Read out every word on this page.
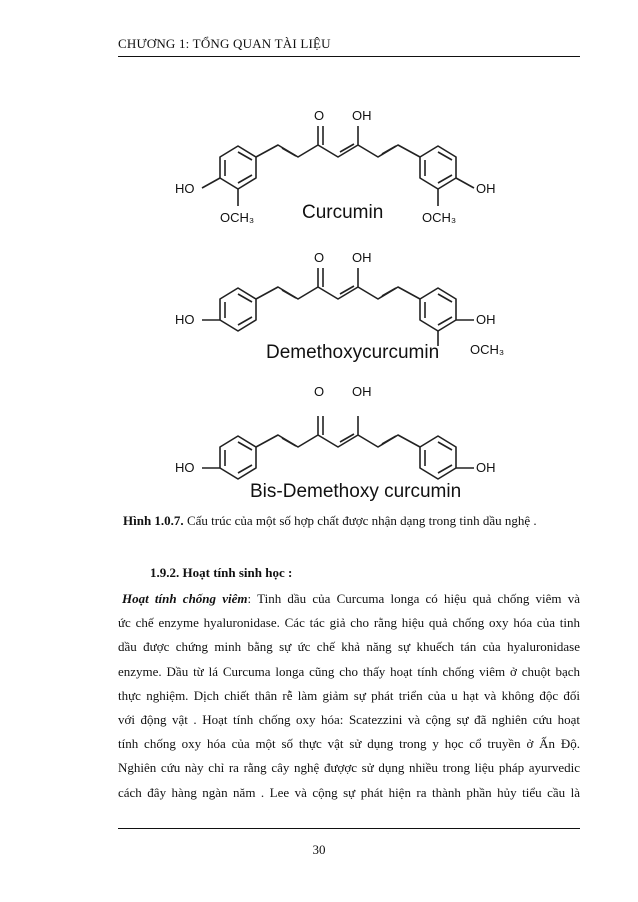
CHƯƠNG 1: TỔNG QUAN TÀI LIỆU
O OH
HO
OCH₃
OH
OCH₃
Curcumin
O OH
HO	OH
OCH₃
Demethoxycurcumin
O OH
HO	OH
Bis-Demethoxy curcumin
Hình 1.0.7. Cấu trúc của một số hợp chất được nhận dạng trong tinh dầu nghệ .
1.9.2. Hoạt tính sinh học :
Hoạt tính chống viêm: Tinh dầu của Curcuma longa có hiệu quả chống viêm và
ức chế enzyme hyaluronidase. Các tác giả cho rằng hiệu quả chống oxy hóa của tinh
dầu được chứng minh bằng sự ức chế khả năng sự khuếch tán của hyaluronidase
enzyme. Dầu từ lá Curcuma longa cũng cho thấy hoạt tính chống viêm ở chuột bạch
thực nghiệm. Dịch chiết thân rễ làm giảm sự phát triển của u hạt và không độc đối
với động vật . Hoạt tính chống oxy hóa: Scatezzini và cộng sự đã nghiên cứu hoạt
tính chống oxy hóa của một số thực vật sử dụng trong y học cổ truyền ở Ấn Độ.
Nghiên cứu này chỉ ra rằng cây nghệ đượợc sử dụng nhiều trong liệu pháp ayurvedic
cách đây hàng ngàn năm . Lee và cộng sự phát hiện ra thành phần hủy tiểu cầu là
30
